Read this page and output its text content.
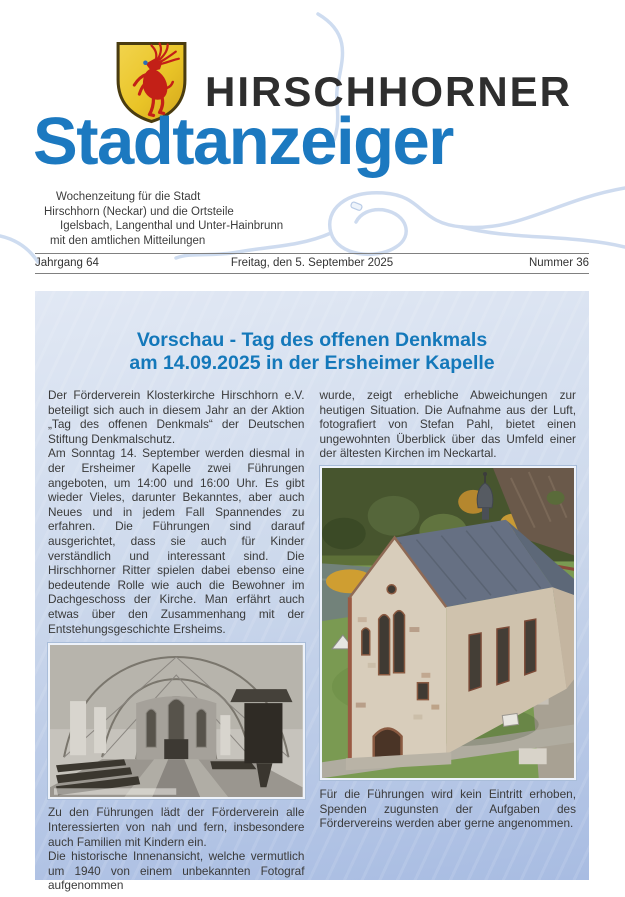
HIRSCHHORNER
Stadtanzeiger
Wochenzeitung für die Stadt
Hirschhorn (Neckar) und die Ortsteile
Igelsbach, Langenthal und Unter-Hainbrunn
mit den amtlichen Mitteilungen
Jahrgang 64	Freitag, den 5. September 2025	Nummer 36
Vorschau - Tag des offenen Denkmals
am 14.09.2025 in der Ersheimer Kapelle

Der Förderverein Klosterkirche Hirschhorn e.V. beteiligt sich auch in diesem Jahr an der Aktion „Tag des offenen Denkmals“ der Deutschen Stiftung Denkmalschutz.

Am Sonntag 14. September werden diesmal in der Ersheimer Kapelle zwei Führungen angeboten, um 14:00 und 16:00 Uhr. Es gibt wieder Vieles, darunter Bekanntes, aber auch Neues und in jedem Fall Spannendes zu erfahren. Die Führungen sind darauf ausgerichtet, dass sie auch für Kinder verständlich und interessant sind. Die Hirschhorner Ritter spielen dabei ebenso eine bedeutende Rolle wie auch die Bewohner im Dachgeschoss der Kirche. Man erfährt auch etwas über den Zusammenhang mit der Entstehungsgeschichte Ersheims.

Zu den Führungen lädt der Förderverein alle Interessierten von nah und fern, insbesondere auch Familien mit Kindern ein.

Die historische Innenansicht, welche vermutlich um 1940 von einem unbekannten Fotograf aufgenommen

wurde, zeigt erhebliche Abweichungen zur heutigen Situation. Die Aufnahme aus der Luft, fotografiert von Stefan Pahl, bietet einen ungewohnten Überblick über das Umfeld einer der ältesten Kirchen im Neckartal.

Für die Führungen wird kein Eintritt erhoben, Spenden zugunsten der Aufgaben des Fördervereins werden aber gerne angenommen.
